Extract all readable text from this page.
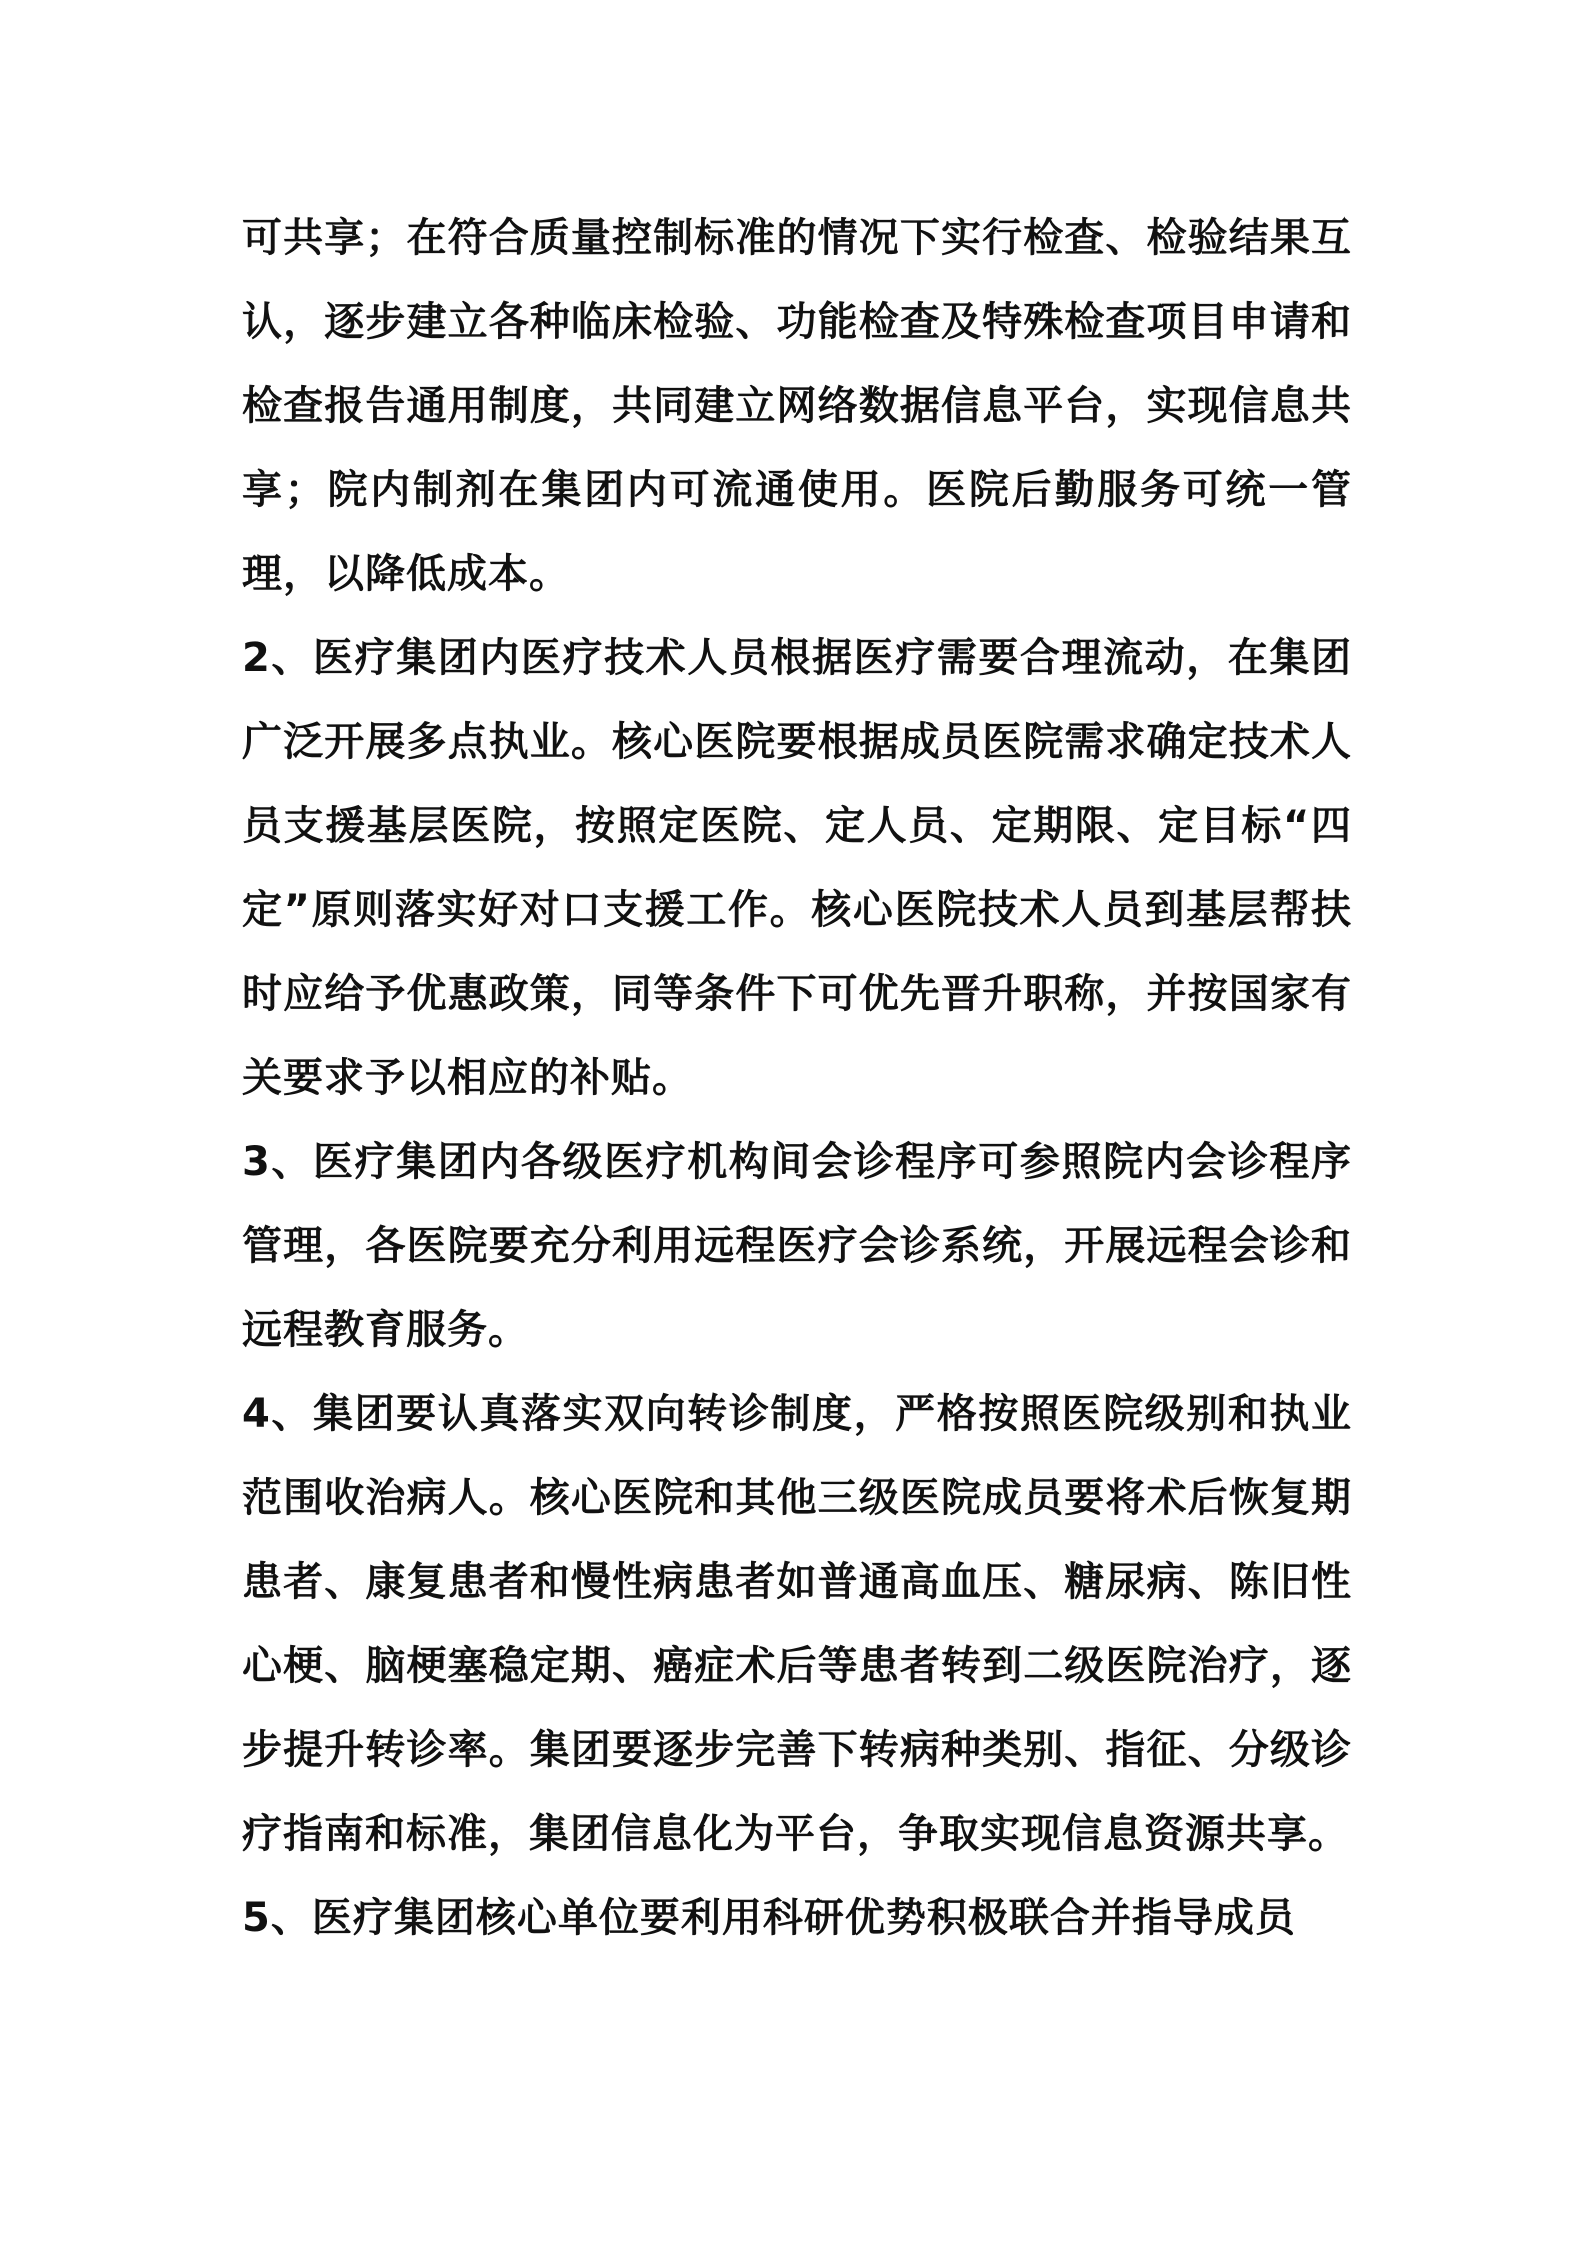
可共享；在符合质量控制标准的情况下实行检查、检验结果互认，逐步建立各种临床检验、功能检查及特殊检查项目申请和检查报告通用制度，共同建立网络数据信息平台，实现信息共享；院内制剂在集团内可流通使用。医院后勤服务可统一管理，以降低成本。

2、医疗集团内医疗技术人员根据医疗需要合理流动，在集团广泛开展多点执业。核心医院要根据成员医院需求确定技术人员支援基层医院，按照定医院、定人员、定期限、定目标“四定”原则落实好对口支援工作。核心医院技术人员到基层帮扶时应给予优惠政策，同等条件下可优先晋升职称，并按国家有关要求予以相应的补贴。

3、医疗集团内各级医疗机构间会诊程序可参照院内会诊程序管理，各医院要充分利用远程医疗会诊系统，开展远程会诊和远程教育服务。

4、集团要认真落实双向转诊制度，严格按照医院级别和执业范围收治病人。核心医院和其他三级医院成员要将术后恢复期患者、康复患者和慢性病患者如普通高血压、糖尿病、陈旧性心梗、脑梗塞稳定期、癌症术后等患者转到二级医院治疗，逐步提升转诊率。集团要逐步完善下转病种类别、指征、分级诊疗指南和标准，集团信息化为平台，争取实现信息资源共享。

5、医疗集团核心单位要利用科研优势积极联合并指导成员
